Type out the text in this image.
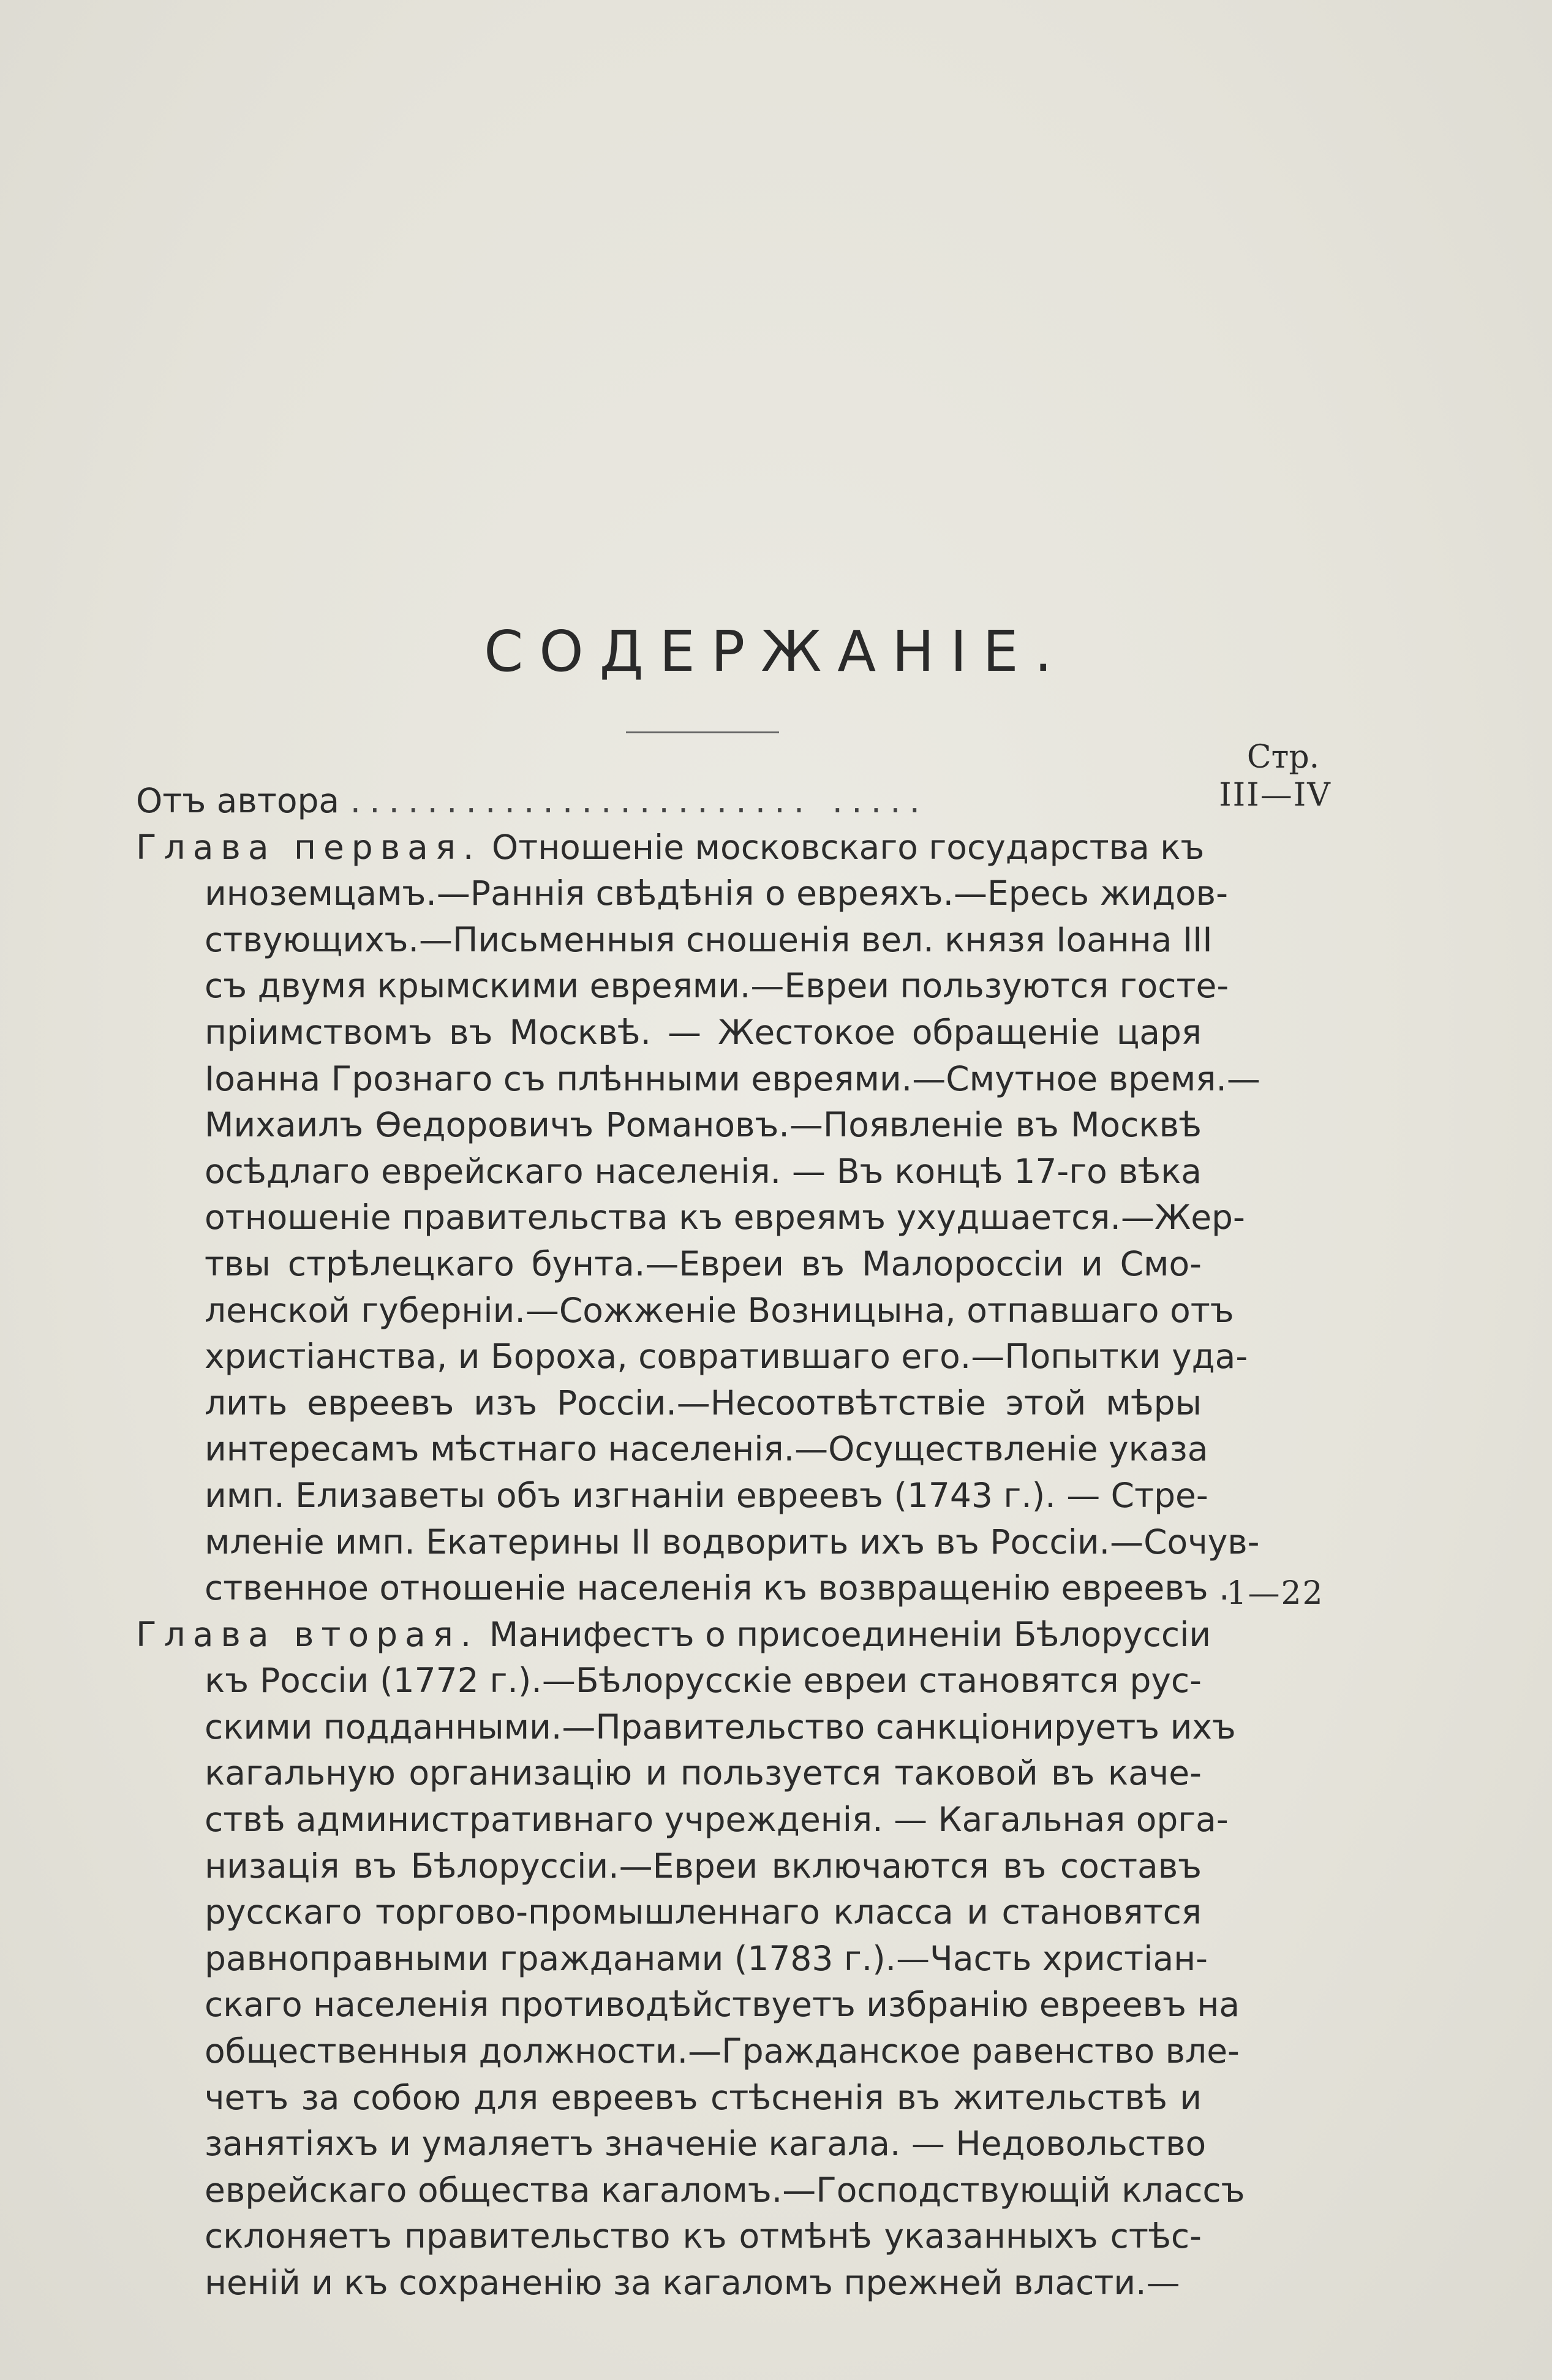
СОДЕРЖАНІЕ.
Стр.
Отъ автора ........................ .....	III—IV
Глава первая. Отношеніе московскаго государства къ
иноземцамъ.—Раннія свѣдѣнія о евреяхъ.—Ересь жидов-
ствующихъ.—Письменныя сношенія вел. князя Іоанна III
съ двумя крымскими евреями.—Евреи пользуются госте-
пріимствомъ въ Москвѣ. — Жестокое обращеніе царя
Іоанна Грознаго съ плѣнными евреями.—Смутное время.—
Михаилъ Ѳедоровичъ Романовъ.—Появленіе въ Москвѣ
осѣдлаго еврейскаго населенія. — Въ концѣ 17-го вѣка
отношеніе правительства къ евреямъ ухудшается.—Жер-
твы стрѣлецкаго бунта.—Евреи въ Малороссіи и Смо-
ленской губерніи.—Сожженіе Возницына, отпавшаго отъ
христіанства, и Бороха, совратившаго его.—Попытки уда-
лить евреевъ изъ Россіи.—Несоотвѣтствіе этой мѣры
интересамъ мѣстнаго населенія.—Осуществленіе указа
имп. Елизаветы объ изгнаніи евреевъ (1743 г.). — Стре-
мленіе имп. Екатерины II водворить ихъ въ Россіи.—Сочув-
ственное отношеніе населенія къ возвращенію евреевъ .
1—22
Глава вторая. Манифестъ о присоединеніи Бѣлоруссіи
къ Россіи (1772 г.).—Бѣлорусскіе евреи становятся рус-
скими подданными.—Правительство санкціонируетъ ихъ
кагальную организацію и пользуется таковой въ каче-
ствѣ административнаго учрежденія. — Кагальная орга-
низація въ Бѣлоруссіи.—Евреи включаются въ составъ
русскаго торгово-промышленнаго класса и становятся
равноправными гражданами (1783 г.).—Часть христіан-
скаго населенія противодѣйствуетъ избранію евреевъ на
общественныя должности.—Гражданское равенство вле-
четъ за собою для евреевъ стѣсненія въ жительствѣ и
занятіяхъ и умаляетъ значеніе кагала. — Недовольство
еврейскаго общества кагаломъ.—Господствующій классъ
склоняетъ правительство къ отмѣнѣ указанныхъ стѣс-
неній и къ сохраненію за кагаломъ прежней власти.—
